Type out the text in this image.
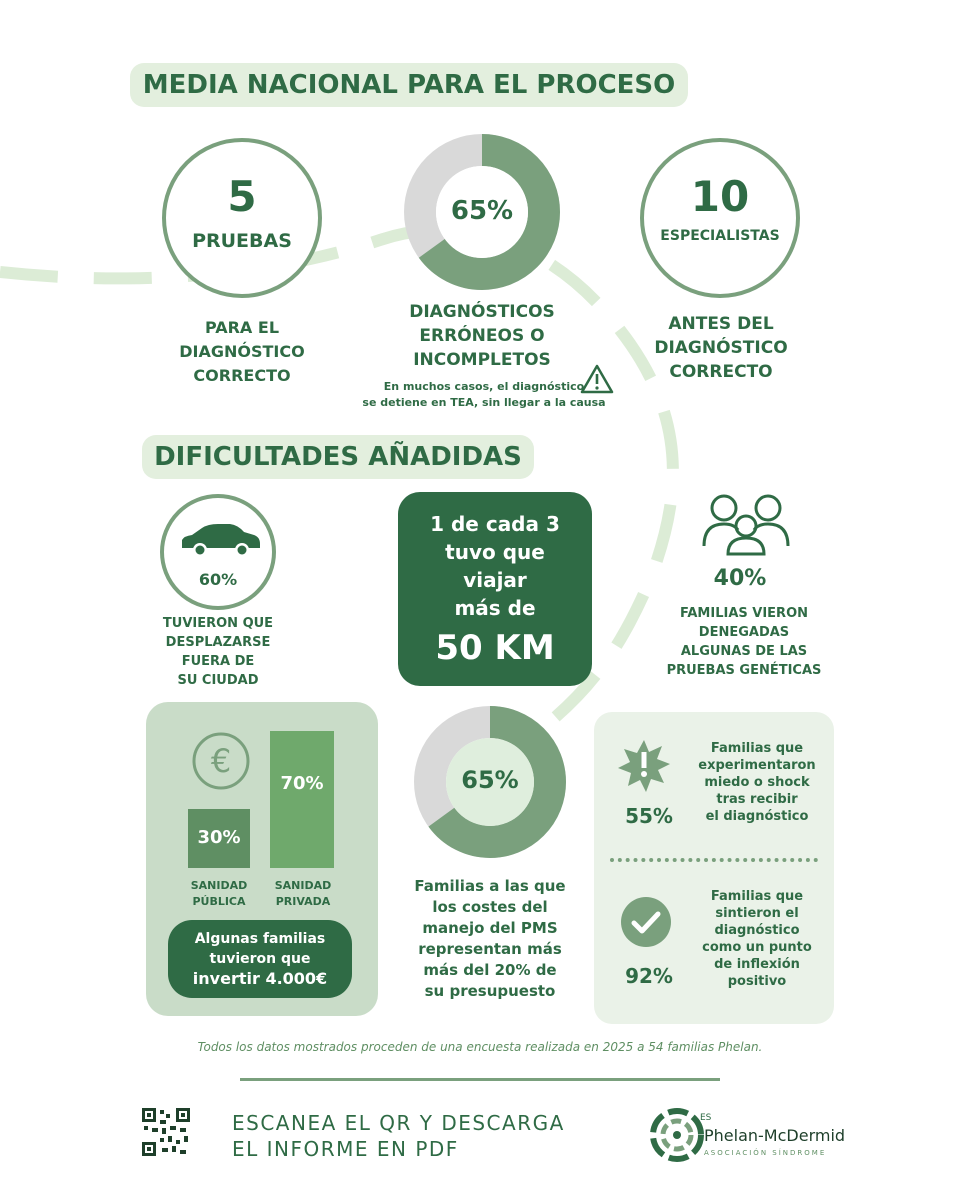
MEDIA NACIONAL PARA EL PROCESO
5
PRUEBAS
PARA EL DIAGNÓSTICO CORRECTO
65%
DIAGNÓSTICOS
ERRÓNEOS O
INCOMPLETOS
En muchos casos, el diagnóstico
se detiene en TEA, sin llegar a la causa
10
ESPECIALISTAS
ANTES DEL
DIAGNÓSTICO
CORRECTO
DIFICULTADES AÑADIDAS
60%
TUVIERON QUE
DESPLAZARSE
FUERA DE
SU CIUDAD
1 de cada 3
tuvo que
viajar
más de
50 KM
40%
FAMILIAS VIERON
DENEGADAS
ALGUNAS DE LAS
PRUEBAS GENÉTICAS
€
30%
70%
SANIDAD
PÚBLICA
SANIDAD
PRIVADA
Algunas familias
tuvieron que
invertir 4.000€
65%
Familias a las que
los costes del
manejo del PMS
representan más
más del 20% de
su presupuesto
55%
Familias que
experimentaron
miedo o shock
tras recibir
el diagnóstico
92%
Familias que
sintieron el
diagnóstico
como un punto
de inflexión
positivo
Todos los datos mostrados proceden de una encuesta realizada en 2025 a 54 familias Phelan.
ESCANEA EL QR Y DESCARGA
EL INFORME EN PDF
ES
Phelan-McDermid
ASOCIACIÓN SÍNDROME
